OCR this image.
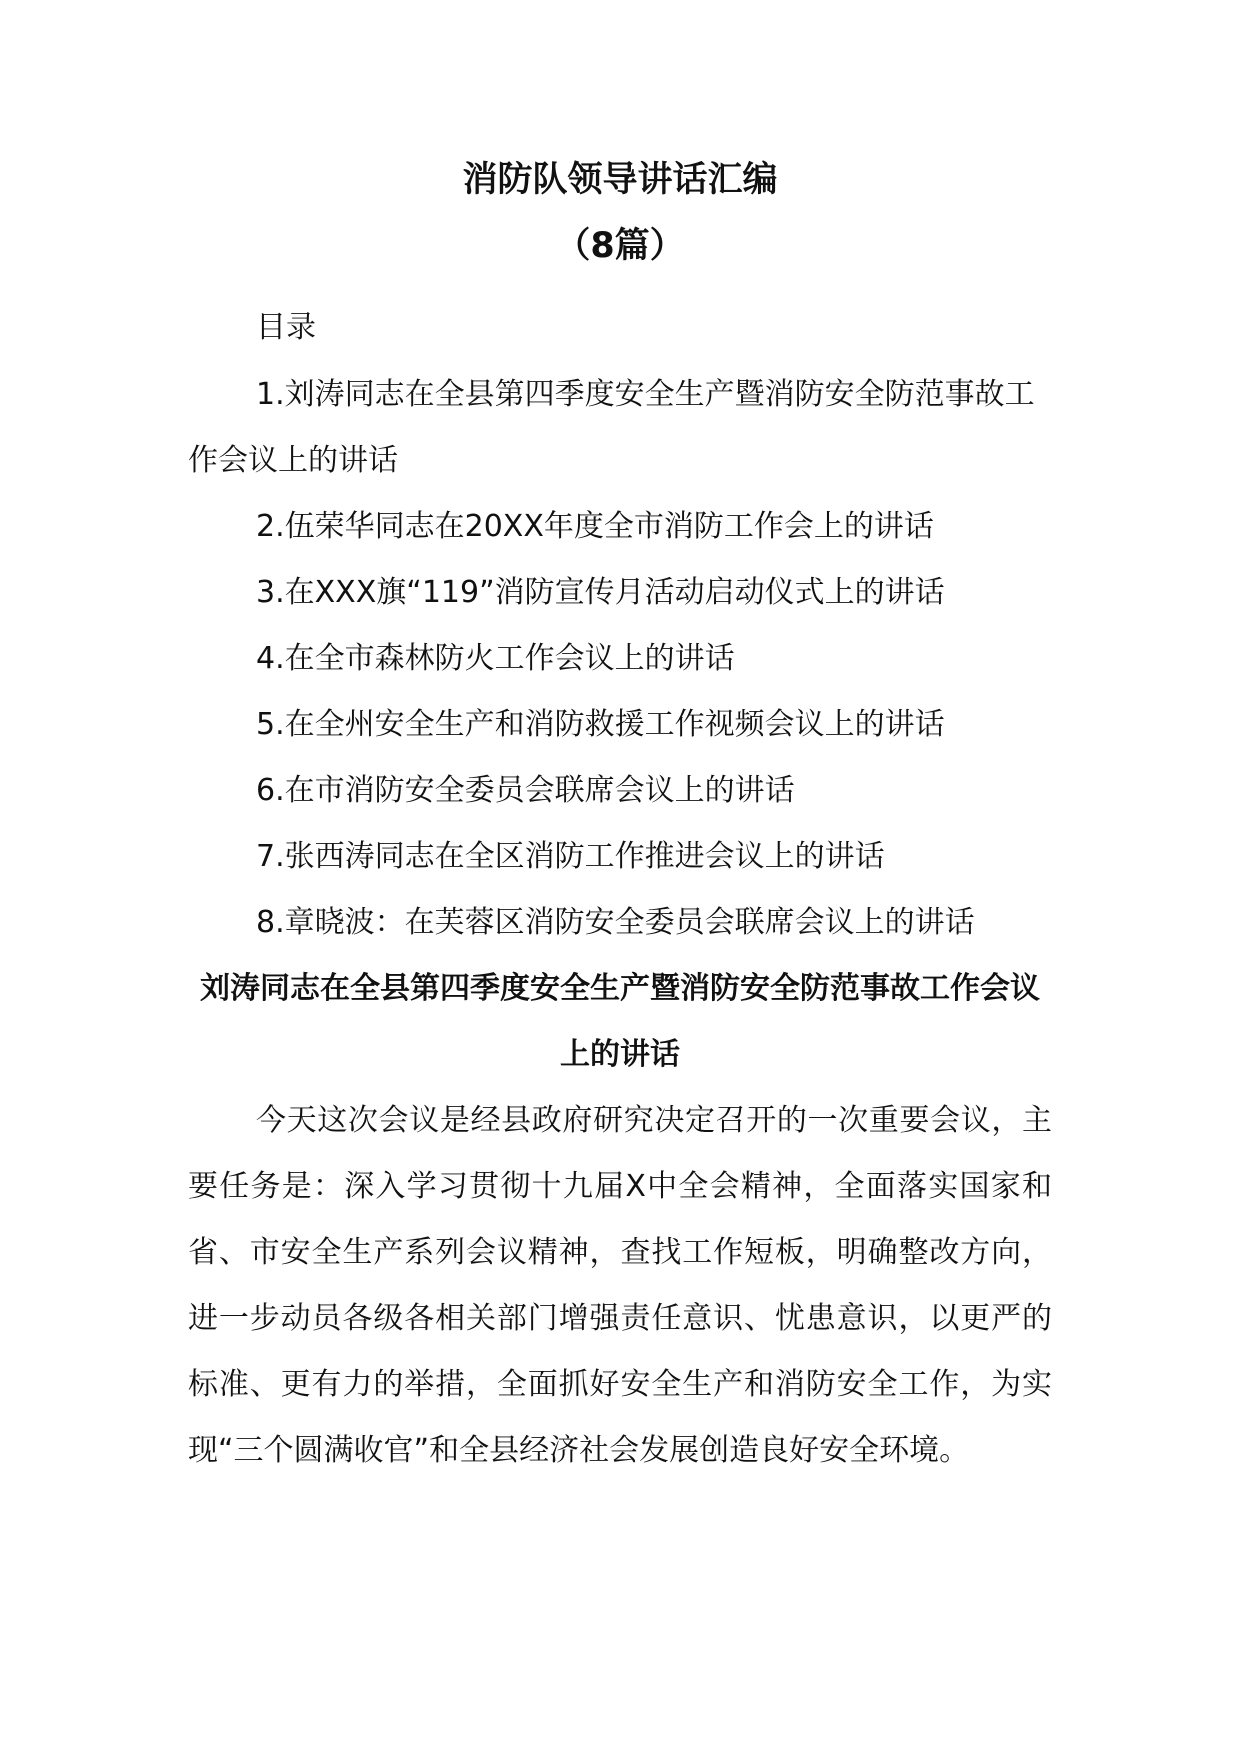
消防队领导讲话汇编
（8篇）
目录
1.刘涛同志在全县第四季度安全生产暨消防安全防范事故工作会议上的讲话
2.伍荣华同志在20XX年度全市消防工作会上的讲话
3.在XXX旗“119”消防宣传月活动启动仪式上的讲话
4.在全市森林防火工作会议上的讲话
5.在全州安全生产和消防救援工作视频会议上的讲话
6.在市消防安全委员会联席会议上的讲话
7.张西涛同志在全区消防工作推进会议上的讲话
8.章晓波：在芙蓉区消防安全委员会联席会议上的讲话
刘涛同志在全县第四季度安全生产暨消防安全防范事故工作会议上的讲话

今天这次会议是经县政府研究决定召开的一次重要会议，主要任务是：深入学习贯彻十九届X中全会精神，全面落实国家和省、市安全生产系列会议精神，查找工作短板，明确整改方向，进一步动员各级各相关部门增强责任意识、忧患意识，以更严的标准、更有力的举措，全面抓好安全生产和消防安全工作，为实现“三个圆满收官”和全县经济社会发展创造良好安全环境。
